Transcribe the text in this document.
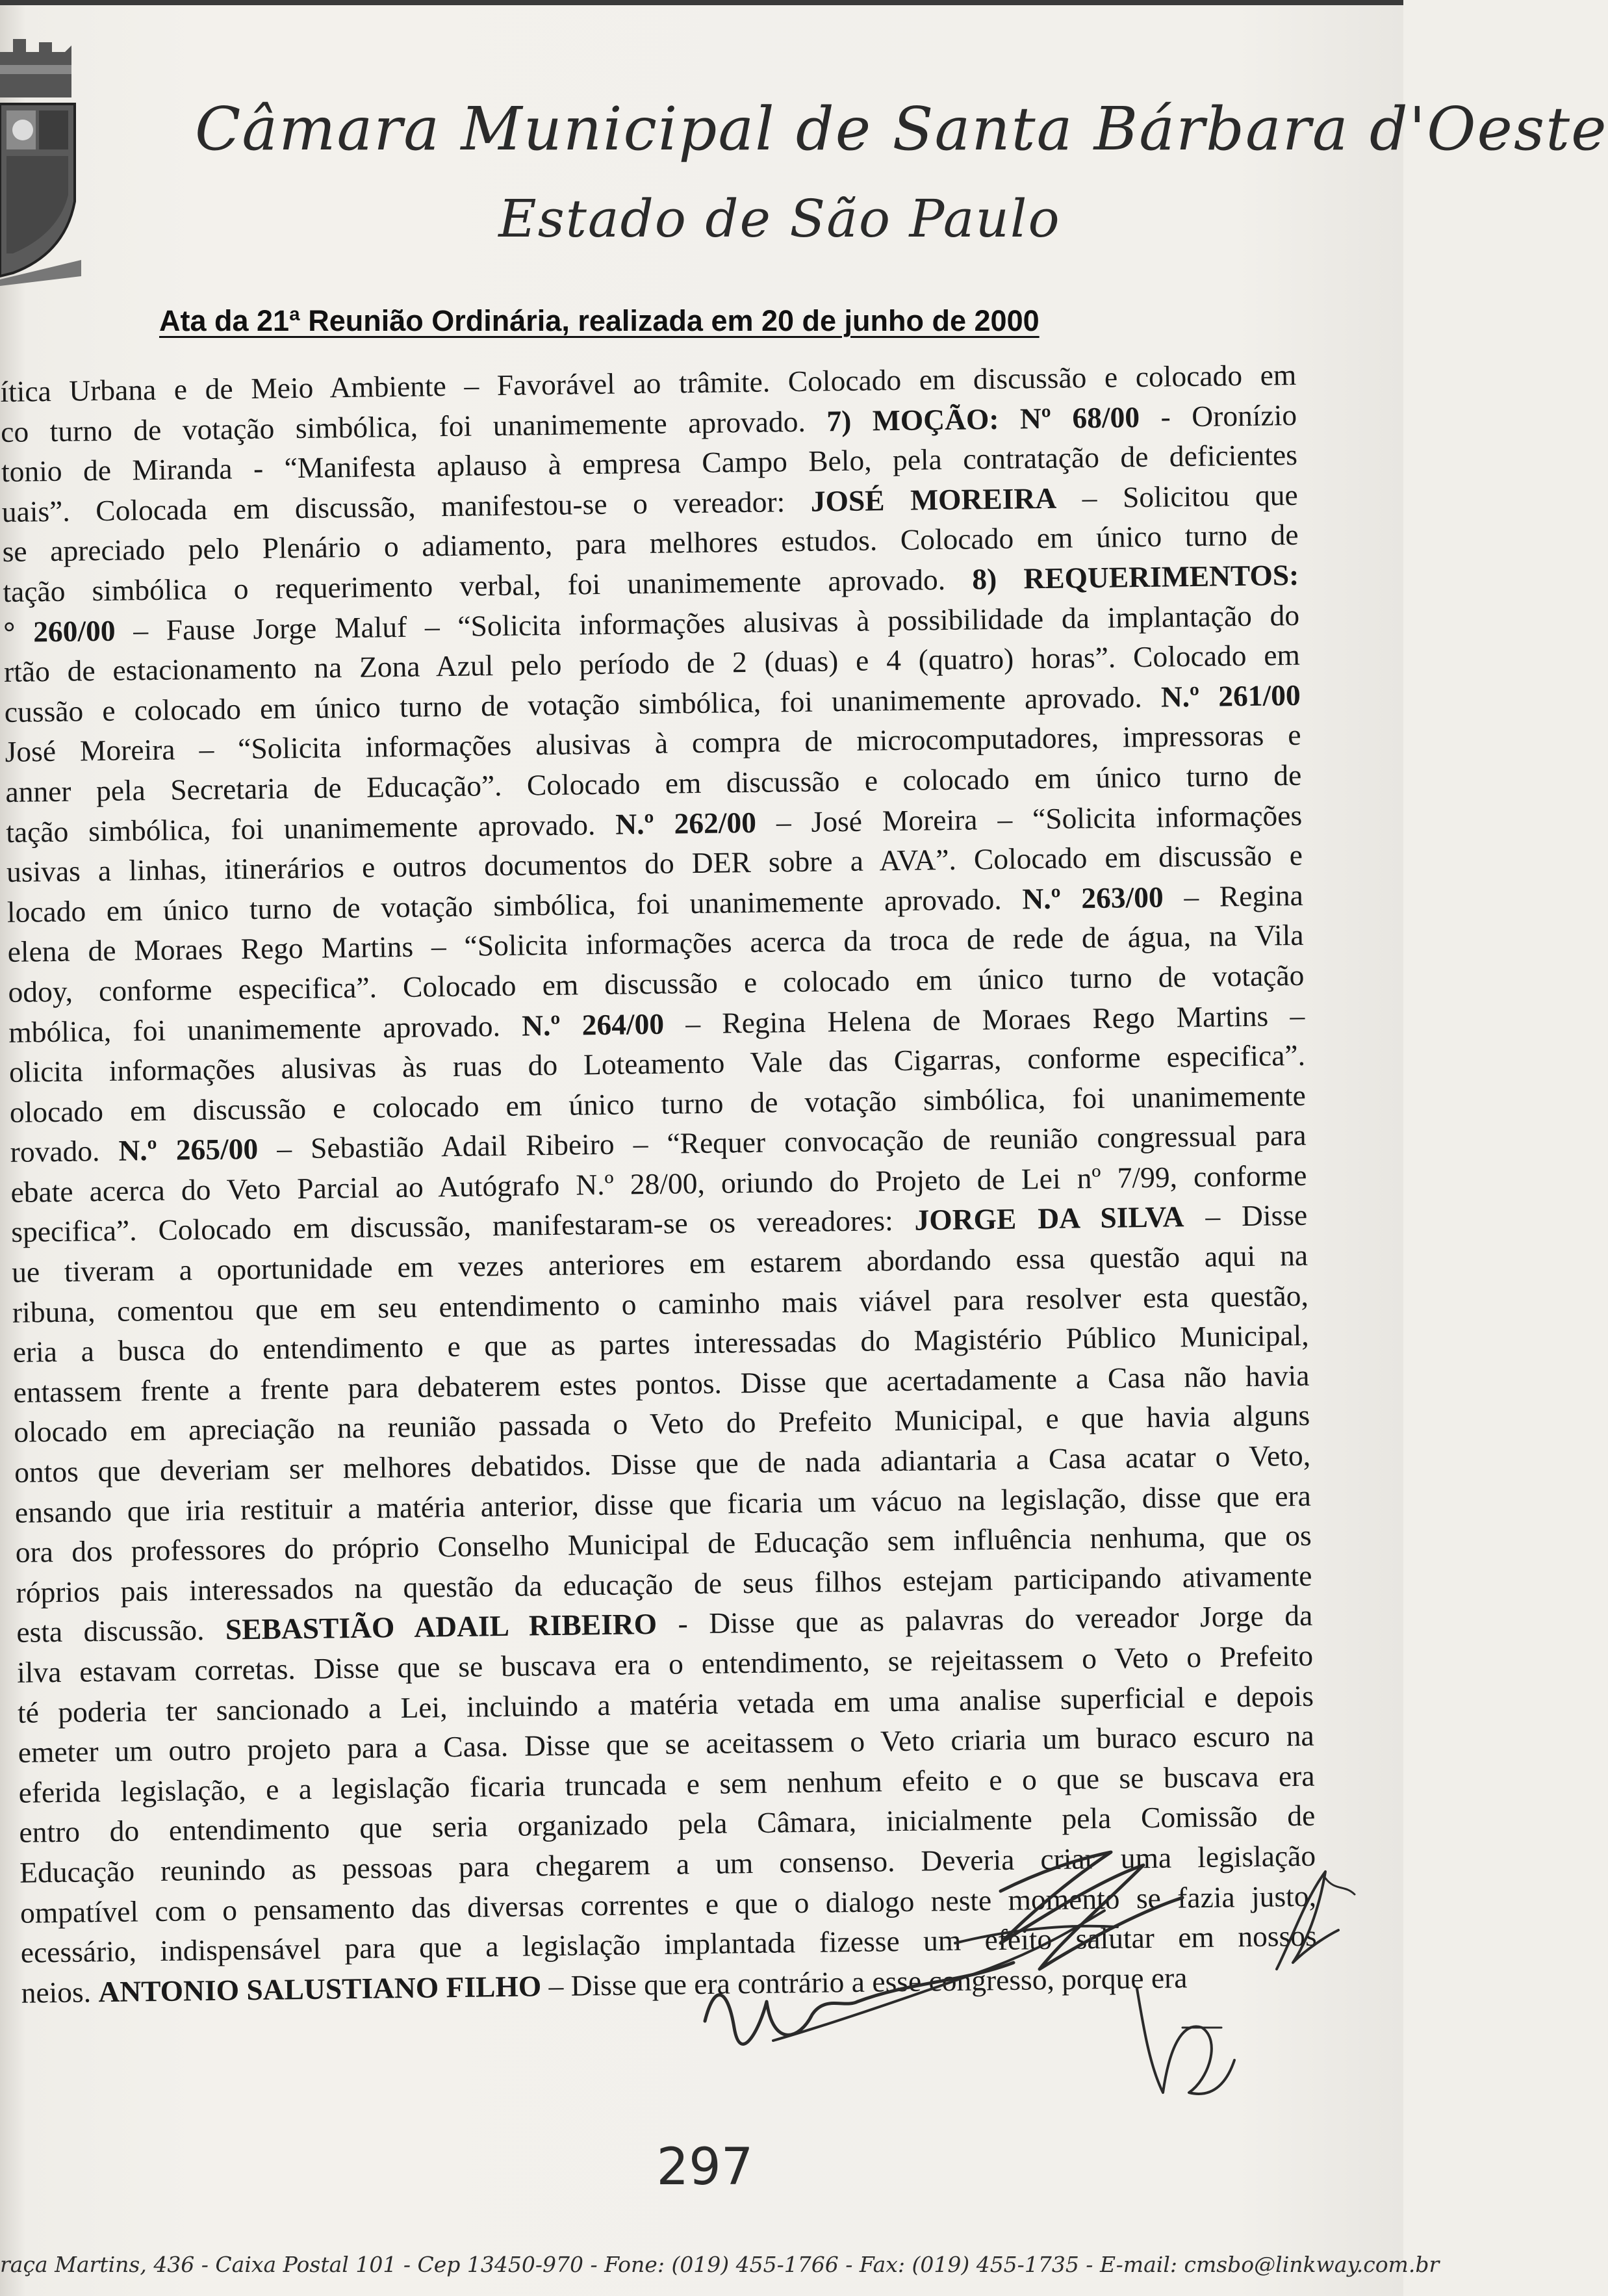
Câmara Municipal de Santa Bárbara d'Oeste
Estado de São Paulo
Ata da 21ª Reunião Ordinária, realizada em 20 de junho de 2000
ítica Urbana e de Meio Ambiente – Favorável ao trâmite. Colocado em discussão e colocado em
co turno de votação simbólica, foi unanimemente aprovado. 7) MOÇÃO: Nº 68/00 - Oronízio
tonio de Miranda - “Manifesta aplauso à empresa Campo Belo, pela contratação de deficientes
uais”. Colocada em discussão, manifestou-se o vereador: JOSÉ MOREIRA – Solicitou que
se apreciado pelo Plenário o adiamento, para melhores estudos. Colocado em único turno de
tação simbólica o requerimento verbal, foi unanimemente aprovado. 8) REQUERIMENTOS:
° 260/00 – Fause Jorge Maluf – “Solicita informações alusivas à possibilidade da implantação do
rtão de estacionamento na Zona Azul pelo período de 2 (duas) e 4 (quatro) horas”. Colocado em
cussão e colocado em único turno de votação simbólica, foi unanimemente aprovado. N.º 261/00
José Moreira – “Solicita informações alusivas à compra de microcomputadores, impressoras e
anner pela Secretaria de Educação”. Colocado em discussão e colocado em único turno de
tação simbólica, foi unanimemente aprovado. N.º 262/00 – José Moreira – “Solicita informações
usivas a linhas, itinerários e outros documentos do DER sobre a AVA”. Colocado em discussão e
locado em único turno de votação simbólica, foi unanimemente aprovado. N.º 263/00 – Regina
elena de Moraes Rego Martins – “Solicita informações acerca da troca de rede de água, na Vila
odoy, conforme especifica”. Colocado em discussão e colocado em único turno de votação
mbólica, foi unanimemente aprovado. N.º 264/00 – Regina Helena de Moraes Rego Martins –
olicita informações alusivas às ruas do Loteamento Vale das Cigarras, conforme especifica”.
olocado em discussão e colocado em único turno de votação simbólica, foi unanimemente
rovado. N.º 265/00 – Sebastião Adail Ribeiro – “Requer convocação de reunião congressual para
ebate acerca do Veto Parcial ao Autógrafo N.º 28/00, oriundo do Projeto de Lei nº 7/99, conforme
specifica”. Colocado em discussão, manifestaram-se os vereadores: JORGE DA SILVA – Disse
ue tiveram a oportunidade em vezes anteriores em estarem abordando essa questão aqui na
ribuna, comentou que em seu entendimento o caminho mais viável para resolver esta questão,
eria a busca do entendimento e que as partes interessadas do Magistério Público Municipal,
entassem frente a frente para debaterem estes pontos. Disse que acertadamente a Casa não havia
olocado em apreciação na reunião passada o Veto do Prefeito Municipal, e que havia alguns
ontos que deveriam ser melhores debatidos. Disse que de nada adiantaria a Casa acatar o Veto,
ensando que iria restituir a matéria anterior, disse que ficaria um vácuo na legislação, disse que era
ora dos professores do próprio Conselho Municipal de Educação sem influência nenhuma, que os
róprios pais interessados na questão da educação de seus filhos estejam participando ativamente
esta discussão. SEBASTIÃO ADAIL RIBEIRO - Disse que as palavras do vereador Jorge da
ilva estavam corretas. Disse que se buscava era o entendimento, se rejeitassem o Veto o Prefeito
té poderia ter sancionado a Lei, incluindo a matéria vetada em uma analise superficial e depois
emeter um outro projeto para a Casa. Disse que se aceitassem o Veto criaria um buraco escuro na
eferida legislação, e a legislação ficaria truncada e sem nenhum efeito e o que se buscava era
entro do entendimento que seria organizado pela Câmara, inicialmente pela Comissão de
Educação reunindo as pessoas para chegarem a um consenso. Deveria criar uma legislação
ompatível com o pensamento das diversas correntes e que o dialogo neste momento se fazia justo,
ecessário, indispensável para que a legislação implantada fizesse um efeito salutar em nossos
neios. ANTONIO SALUSTIANO FILHO – Disse que era contrário a esse congresso, porque era
297
raça Martins, 436 - Caixa Postal 101 - Cep 13450-970 - Fone: (019) 455-1766 - Fax: (019) 455-1735 - E-mail: cmsbo@linkway.com.br
